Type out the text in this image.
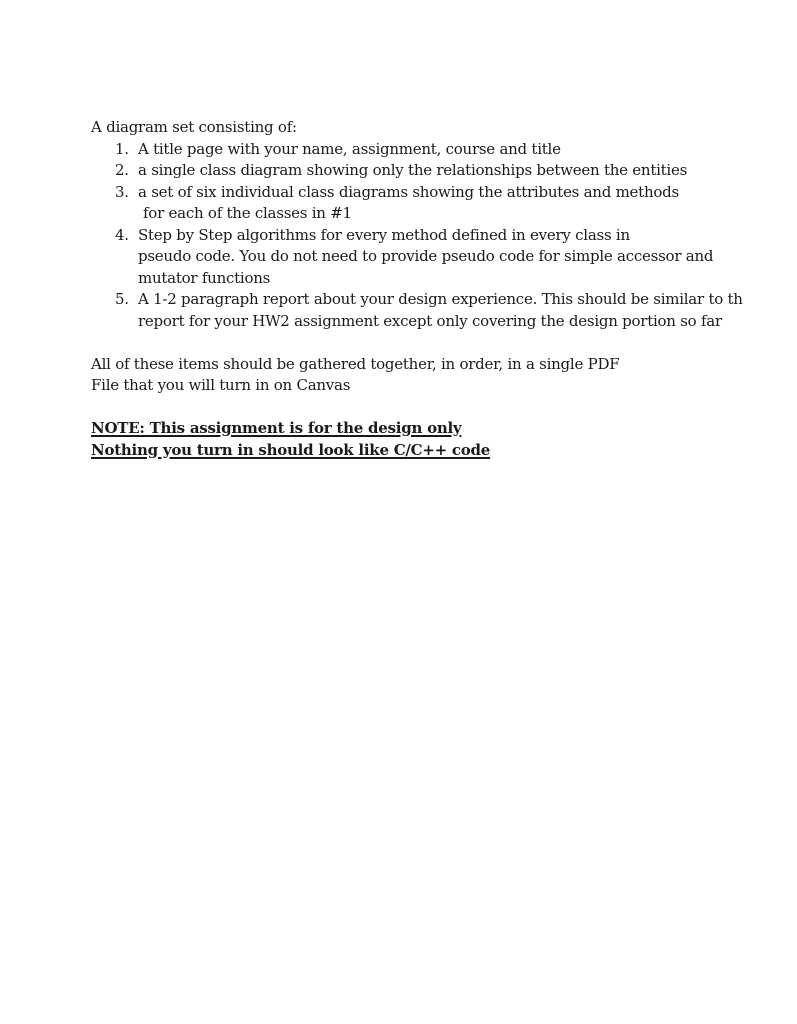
A diagram set consisting of:

1. A title page with your name, assignment, course and title
2. a single class diagram showing only the relationships between the entities
3. a set of six individual class diagrams showing the attributes and methods
for each of the classes in #1
4. Step by Step algorithms for every method defined in every class in
pseudo code. You do not need to provide pseudo code for simple accessor and
mutator functions
5. A 1-2 paragraph report about your design experience. This should be similar to th
report for your HW2 assignment except only covering the design portion so far
All of these items should be gathered together, in order, in a single PDF
File that you will turn in on Canvas
NOTE: This assignment is for the design only
Nothing you turn in should look like C/C++ code
